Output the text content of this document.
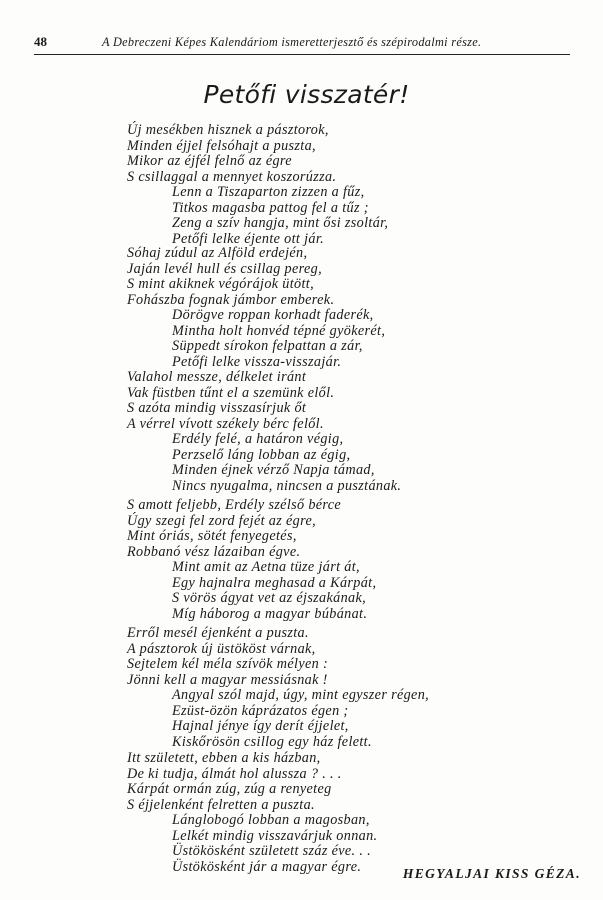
48	A Debreczeni Képes Kalendáriom ismeretterjesztő és szépirodalmi része.
Petőfi visszatér!
Új mesékben hisznek a pásztorok,
Minden éjjel felsóhajt a puszta,
Mikor az éjfél felnő az égre
S csillaggal a mennyet koszorúzza.
Lenn a Tiszaparton zizzen a fűz,
Titkos magasba pattog fel a tűz ;
Zeng a szív hangja, mint ősi zsoltár,
Petőfi lelke éjente ott jár.
Sóhaj zúdul az Alföld erdején,
Jaján levél hull és csillag pereg,
S mint akiknek végórájok ütött,
Fohászba fognak jámbor emberek.
Dörögve roppan korhadt faderék,
Mintha holt honvéd tépné gyökerét,
Süppedt sírokon felpattan a zár,
Petőfi lelke vissza-visszajár.
Valahol messze, délkelet iránt
Vak füstben tűnt el a szemünk elől.
S azóta mindig visszasírjuk őt
A vérrel vívott székely bérc felől.
Erdély felé, a határon végig,
Perzselő láng lobban az égig,
Minden éjnek vérző Napja támad,
Nincs nyugalma, nincsen a pusztának.
S amott feljebb, Erdély szélső bérce
Úgy szegi fel zord fejét az égre,
Mint óriás, sötét fenyegetés,
Robbanó vész lázaiban égve.
Mint amit az Aetna tüze járt át,
Egy hajnalra meghasad a Kárpát,
S vörös ágyat vet az éjszakának,
Míg háborog a magyar búbánat.
Erről mesél éjenként a puszta.
A pásztorok új üstököst várnak,
Sejtelem kél méla szívök mélyen :
Jönni kell a magyar messiásnak !
Angyal szól majd, úgy, mint egyszer régen,
Ezüst-özön káprázatos égen ;
Hajnal jénye így derít éjjelet,
Kiskőrösön csillog egy ház felett.
Itt született, ebben a kis házban,
De ki tudja, álmát hol alussza ? . . .
Kárpát ormán zúg, zúg a renyeteg
S éjjelenként felretten a puszta.
Lánglobogó lobban a magosban,
Lelkét mindig visszavárjuk onnan.
Üstökösként született száz éve. . .
Üstökösként jár a magyar égre.	HEGYALJAI KISS GÉZA.
